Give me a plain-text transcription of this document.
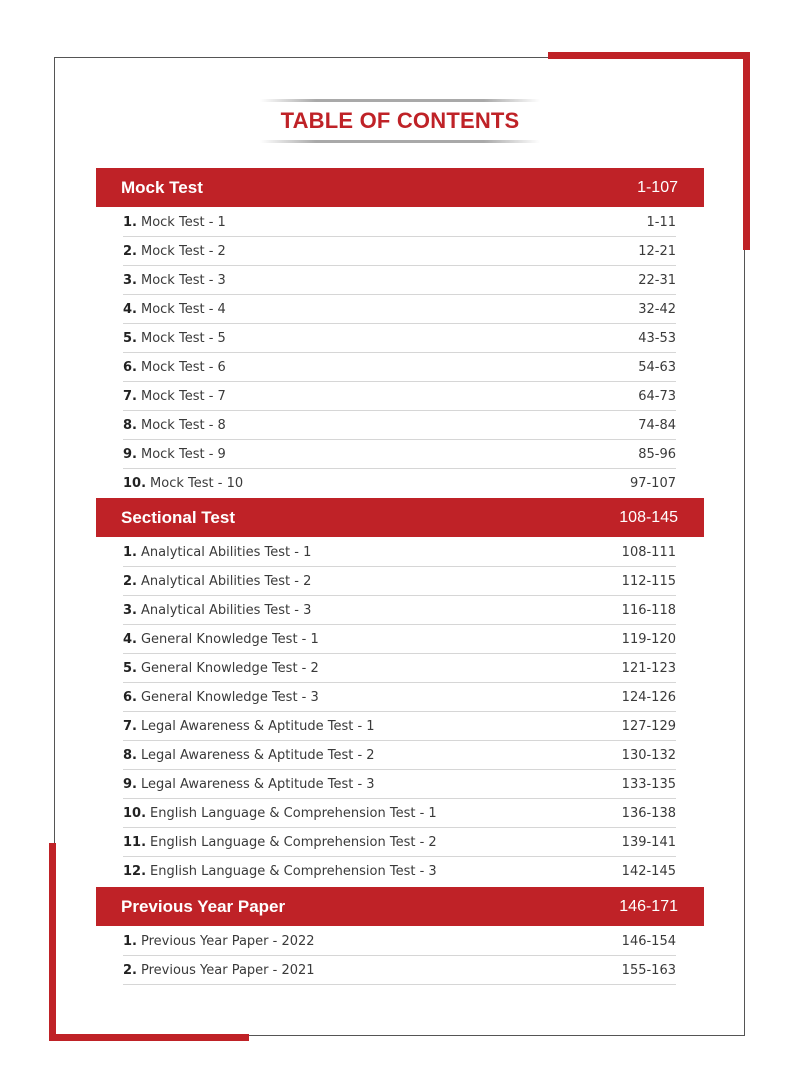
TABLE OF CONTENTS
Mock Test	1-107
1. Mock Test - 1	1-11
2. Mock Test - 2	12-21
3. Mock Test - 3	22-31
4. Mock Test - 4	32-42
5. Mock Test - 5	43-53
6. Mock Test - 6	54-63
7. Mock Test - 7	64-73
8. Mock Test - 8	74-84
9. Mock Test - 9	85-96
10. Mock Test - 10	97-107
Sectional Test	108-145
1. Analytical Abilities Test - 1	108-111
2. Analytical Abilities Test - 2	112-115
3. Analytical Abilities Test - 3	116-118
4. General Knowledge Test - 1	119-120
5. General Knowledge Test - 2	121-123
6. General Knowledge Test - 3	124-126
7. Legal Awareness & Aptitude Test - 1	127-129
8. Legal Awareness & Aptitude Test - 2	130-132
9. Legal Awareness & Aptitude Test - 3	133-135
10. English Language & Comprehension Test - 1	136-138
11. English Language & Comprehension Test - 2	139-141
12. English Language & Comprehension Test - 3	142-145
Previous Year Paper	146-171
1. Previous Year Paper - 2022	146-154
2. Previous Year Paper - 2021	155-163
